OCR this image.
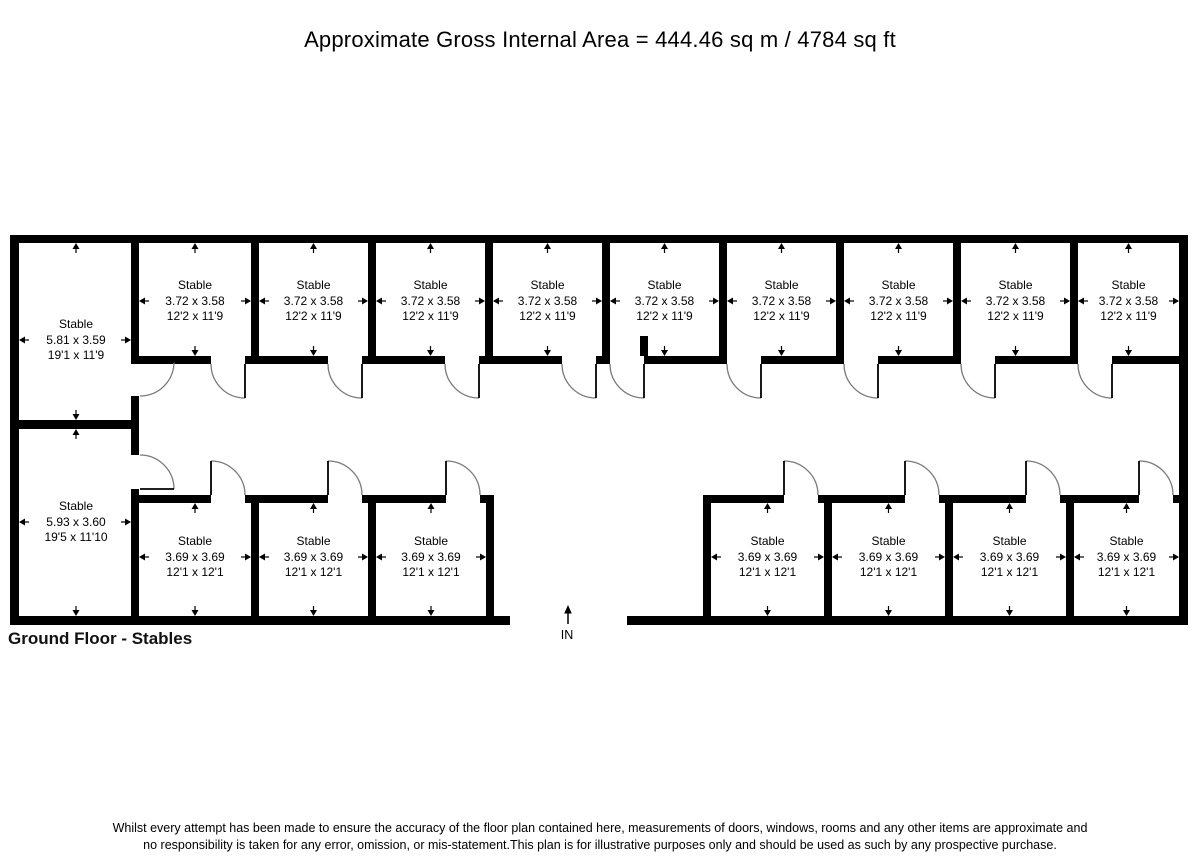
Approximate Gross Internal Area = 444.46 sq m / 4784 sq ft
IN
Stable
5.81 x 3.59
19'1 x 11'9
Stable
3.72 x 3.58
12'2 x 11'9
Stable
3.72 x 3.58
12'2 x 11'9
Stable
3.72 x 3.58
12'2 x 11'9
Stable
3.72 x 3.58
12'2 x 11'9
Stable
3.72 x 3.58
12'2 x 11'9
Stable
3.72 x 3.58
12'2 x 11'9
Stable
3.72 x 3.58
12'2 x 11'9
Stable
3.72 x 3.58
12'2 x 11'9
Stable
3.72 x 3.58
12'2 x 11'9
Stable
5.93 x 3.60
19'5 x 11'10	Stable
3.69 x 3.69
12'1 x 12'1
Stable
3.69 x 3.69
12'1 x 12'1
Stable
3.69 x 3.69
12'1 x 12'1
Stable
3.69 x 3.69
12'1 x 12'1
Stable
3.69 x 3.69
12'1 x 12'1
Stable
3.69 x 3.69
12'1 x 12'1
Stable
3.69 x 3.69
12'1 x 12'1
Ground Floor - Stables
Whilst every attempt has been made to ensure the accuracy of the floor plan contained here, measurements of doors, windows, rooms and any other items are approximate and
no responsibility is taken for any error, omission, or mis-statement.This plan is for illustrative purposes only and should be used as such by any prospective purchase.
